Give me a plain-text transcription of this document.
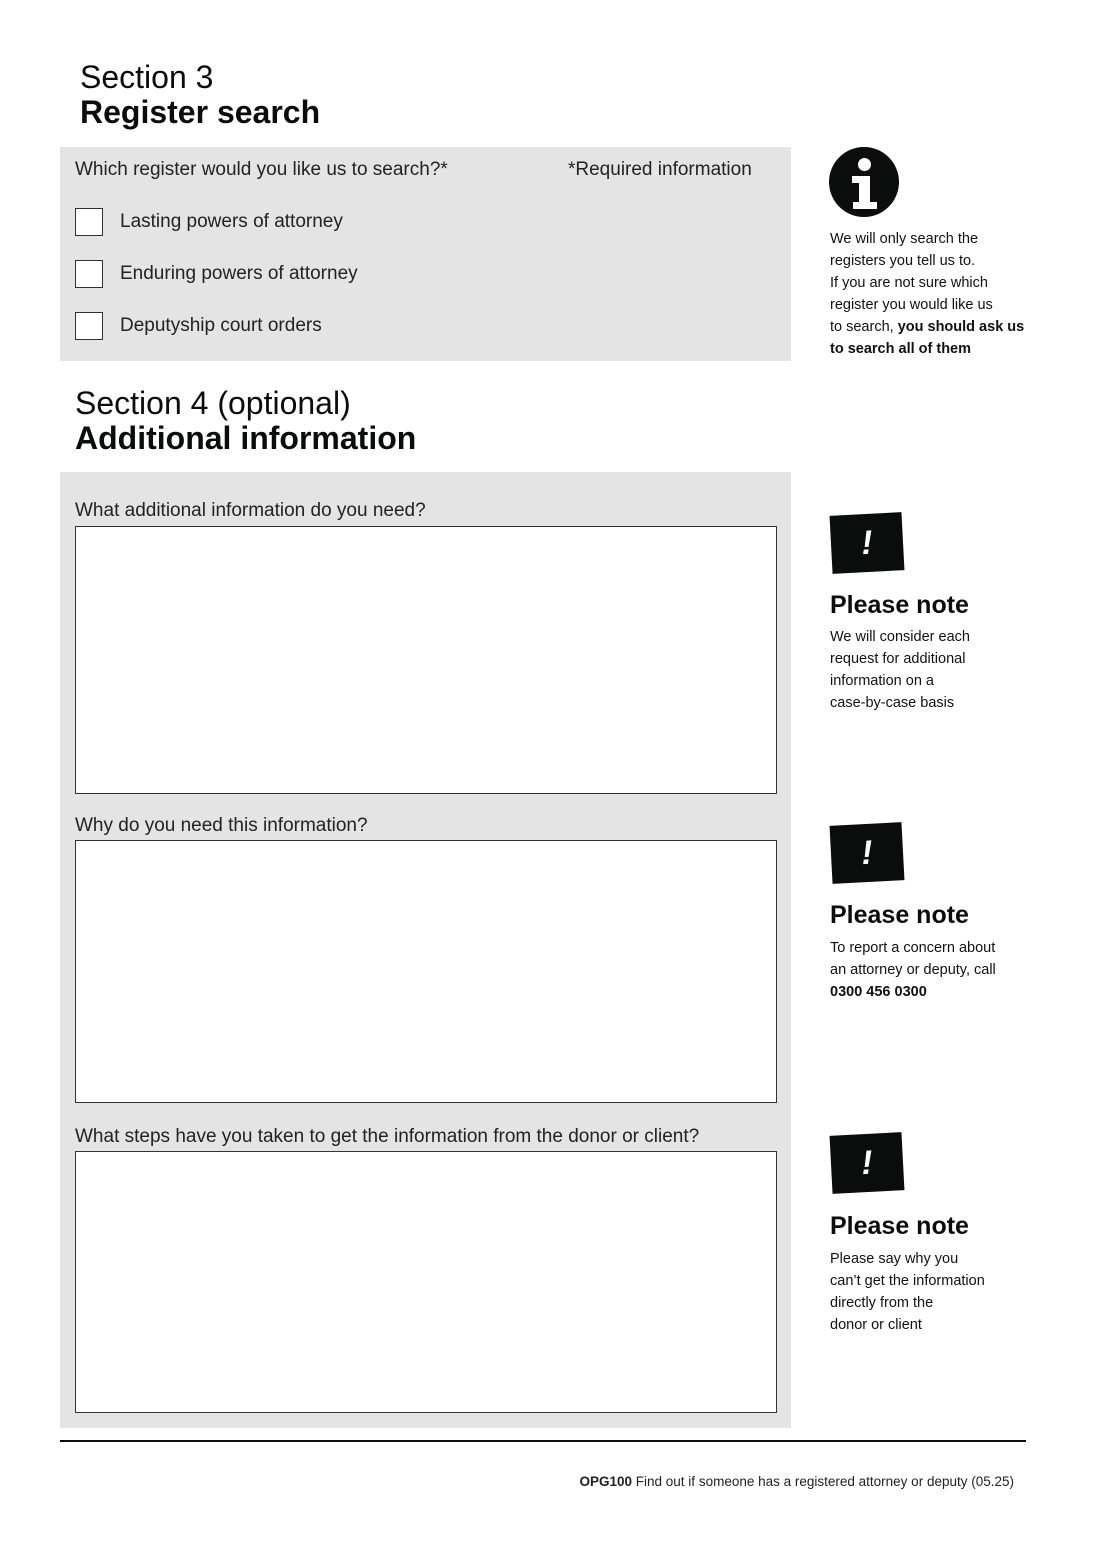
Section 3
Register search
Which register would you like us to search?*	*Required information
Lasting powers of attorney
Enduring powers of attorney
Deputyship court orders
We will only search the
registers you tell us to.
If you are not sure which
register you would like us
to search, you should ask us to search all of them
Section 4 (optional)
Additional information
What additional information do you need?
Why do you need this information?
What steps have you taken to get the information from the donor or client?
!
Please note
We will consider each
request for additional
information on a
case-by-case basis
!
Please note
To report a concern about
an attorney or deputy, call
0300 456 0300
!
Please note
Please say why you
can’t get the information
directly from the
donor or client
OPG100 Find out if someone has a registered attorney or deputy (05.25)
